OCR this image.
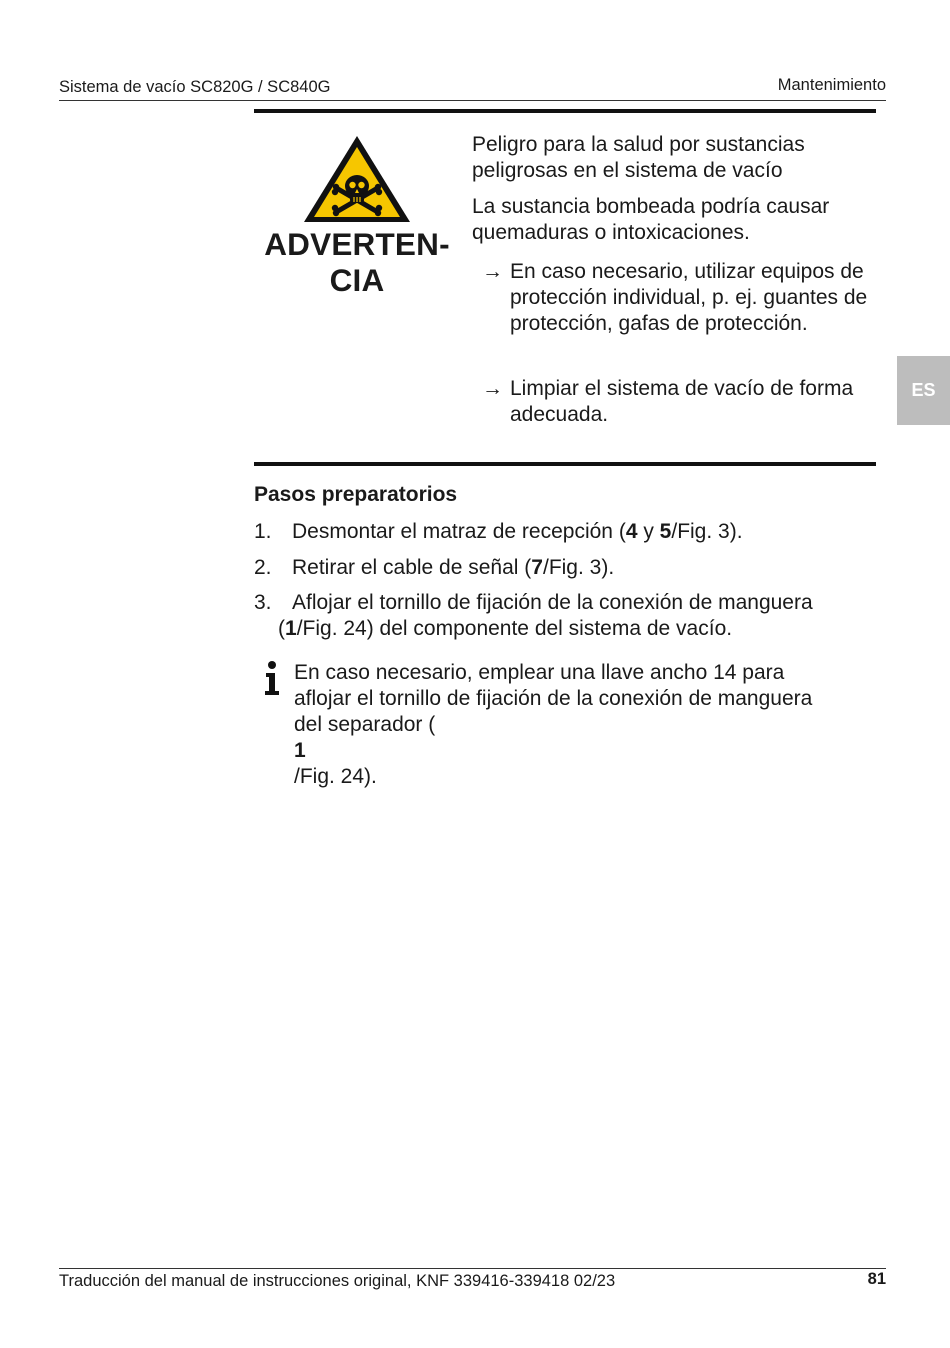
Sistema de vacío SC820G / SC840G	Mantenimiento
ADVERTEN-
CIA
Peligro para la salud por sustancias peligrosas en el sistema de vacío
La sustancia bombeada podría causar quemaduras o intoxicaciones.
→ En caso necesario, utilizar equipos de protección individual, p. ej. guantes de protección, gafas de protección.
→ Limpiar el sistema de vacío de forma adecuada.
ES
Pasos preparatorios
1. Desmontar el matraz de recepción (4 y 5/Fig. 3).
2. Retirar el cable de señal (7/Fig. 3).
3. Aflojar el tornillo de fijación de la conexión de manguera
(1/Fig. 24) del componente del sistema de vacío.
En caso necesario, emplear una llave ancho 14 para
aflojar el tornillo de fijación de la conexión de manguera
del separador (
1
/Fig. 24).
Traducción del manual de instrucciones original, KNF 339416-339418 02/23	81
